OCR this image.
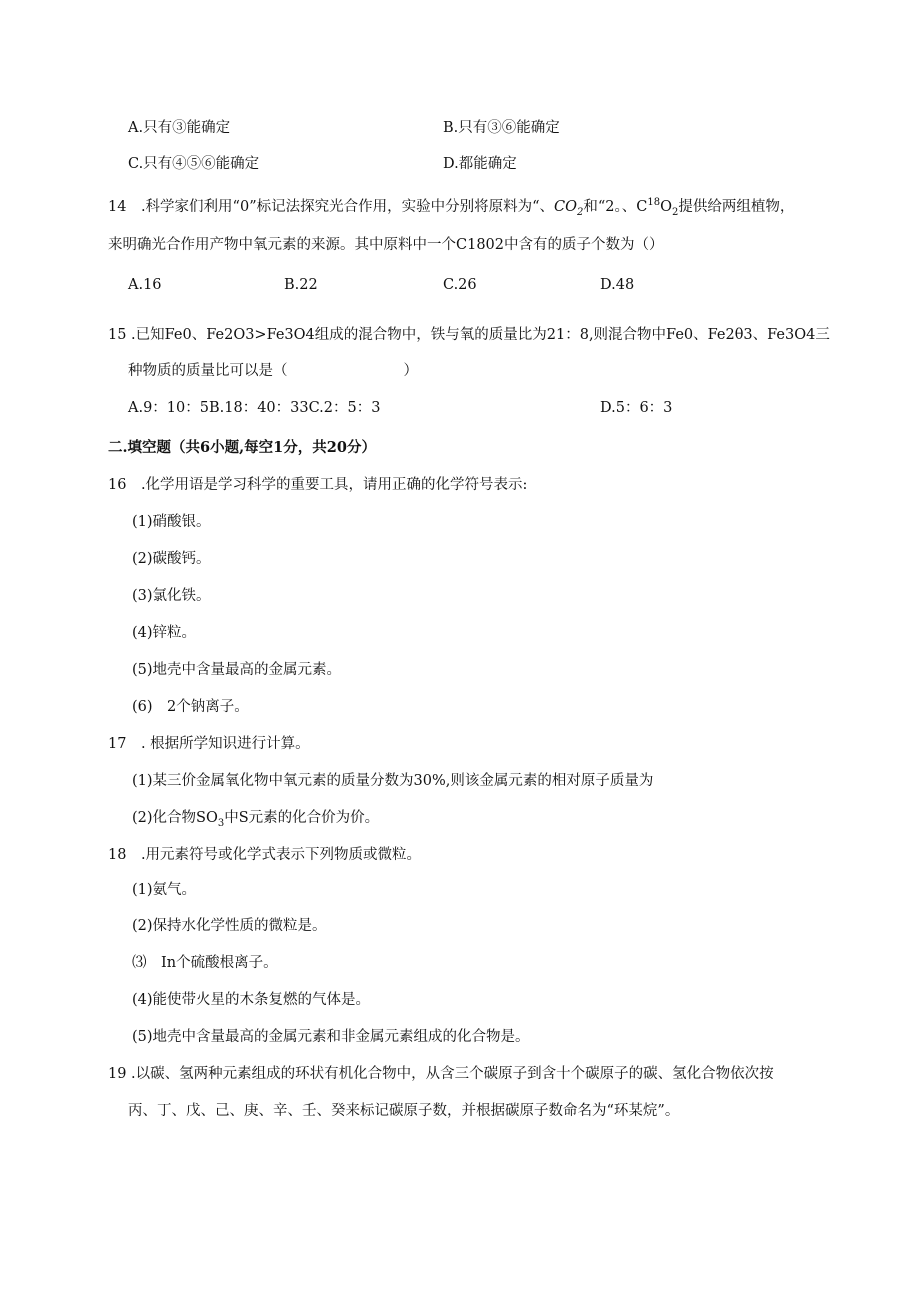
A.只有③能确定	B.只有③⑥能确定
C.只有④⑤⑥能确定	D.都能确定
14　.科学家们利用“0”标记法探究光合作用，实验中分别将原料为“、$CO_2$和“2。、$C^{18}O_2$提供给两组植物，
来明确光合作用产物中氧元素的来源。其中原料中一个C1802中含有的质子个数为（）
A.16	B.22	C.26	D.48
15 .已知Fe0、Fe2O3>Fe3O4组成的混合物中，铁与氧的质量比为21：8,则混合物中Fe0、Fe2θ3、Fe3O4三
种物质的质量比可以是（　　　　　　　　）
A.9：10：5B.18：40：33C.2：5：3	D.5：6：3
二.填空题（共6小题,每空1分，共20分）
16　.化学用语是学习科学的重要工具，请用正确的化学符号表示:
(1)硝酸银。
(2)碳酸钙。
(3)氯化铁。
(4)锌粒。
(5)地壳中含量最高的金属元素。
(6)　2个钠离子。
17　. 根据所学知识进行计算。
(1)某三价金属氧化物中氧元素的质量分数为30%,则该金属元素的相对原子质量为
(2)化合物$SO_3$中S元素的化合价为价。
18　.用元素符号或化学式表示下列物质或微粒。
(1)氨气。
(2)保持水化学性质的微粒是。
⑶　In个硫酸根离子。
(4)能使带火星的木条复燃的气体是。
(5)地壳中含量最高的金属元素和非金属元素组成的化合物是。
19 .以碳、氢两种元素组成的环状有机化合物中，从含三个碳原子到含十个碳原子的碳、氢化合物依次按
丙、丁、戊、己、庚、辛、壬、癸来标记碳原子数，并根据碳原子数命名为“环某烷”。
